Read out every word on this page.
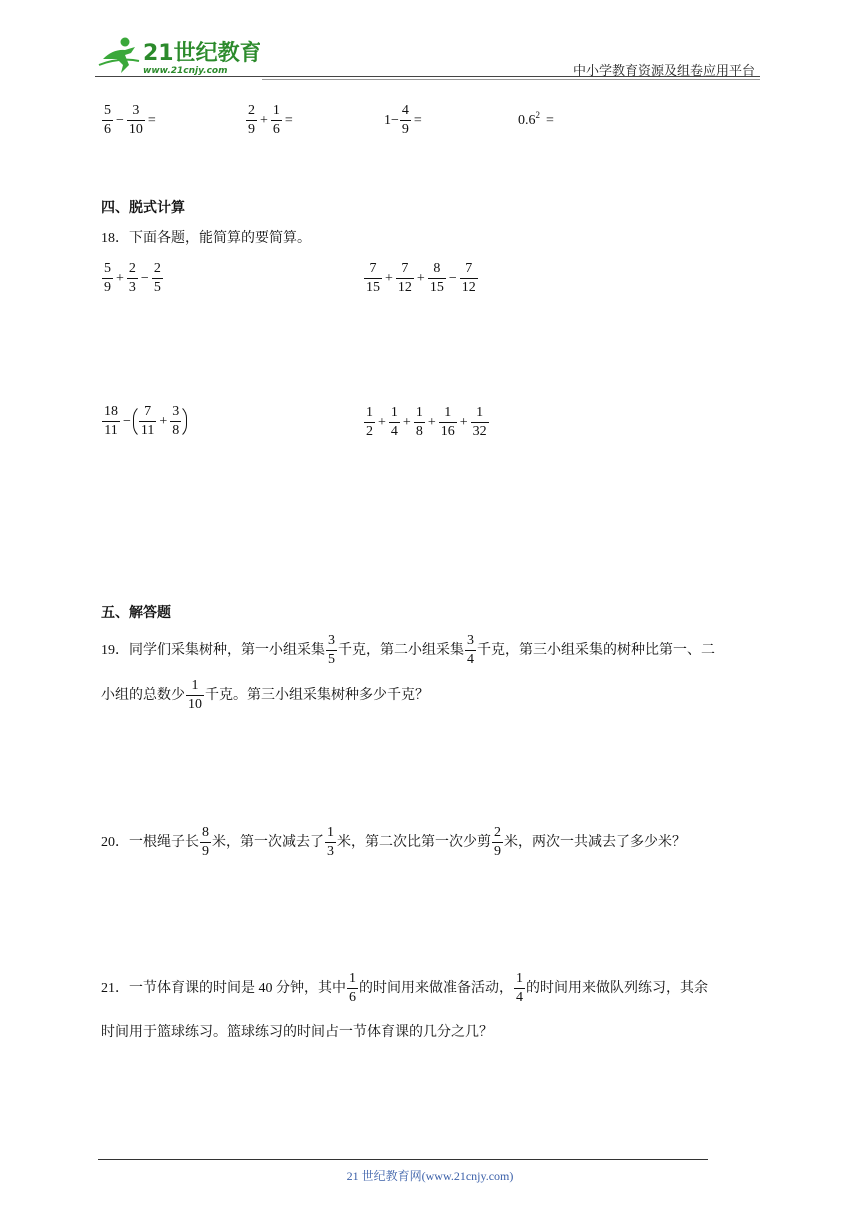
21世纪教育
www.21cnjy.com	中小学教育资源及组卷应用平台
$\frac{5}{6} - \frac{3}{10}$ =	$\frac{2}{9} + \frac{1}{6}$ =	$1- \frac{4}{9}$ =	$0.6^2$ =
四、脱式计算
18．下面各题，能简算的要简算。
$\frac{5}{9} + \frac{2}{3} - \frac{2}{5}$	$\frac{7}{15} + \frac{7}{12} + \frac{8}{15} - \frac{7}{12}$
$\frac{18}{11} - \frac{7}{11} + \frac{3}{8}$	$\frac{1}{2} + \frac{1}{4} + \frac{1}{8} + \frac{1}{16} + \frac{1}{32}$
五、解答题
19．同学们采集树种，第一小组采集 $\frac{3}{5}$ 千克，第二小组采集 $\frac{3}{4}$ 千克，第三小组采集的树种比第一、二
小组的总数少 $\frac{1}{10}$ 千克。第三小组采集树种多少千克？
20．一根绳子长 $\frac{8}{9}$ 米，第一次减去了 $\frac{1}{3}$ 米，第二次比第一次少剪 $\frac{2}{9}$ 米，两次一共减去了多少米？
21．一节体育课的时间是 40 分钟，其中 $\frac{1}{6}$ 的时间用来做准备活动， $\frac{1}{4}$ 的时间用来做队列练习，其余
时间用于篮球练习。篮球练习的时间占一节体育课的几分之几？
21 世纪教育网(www.21cnjy.com)
